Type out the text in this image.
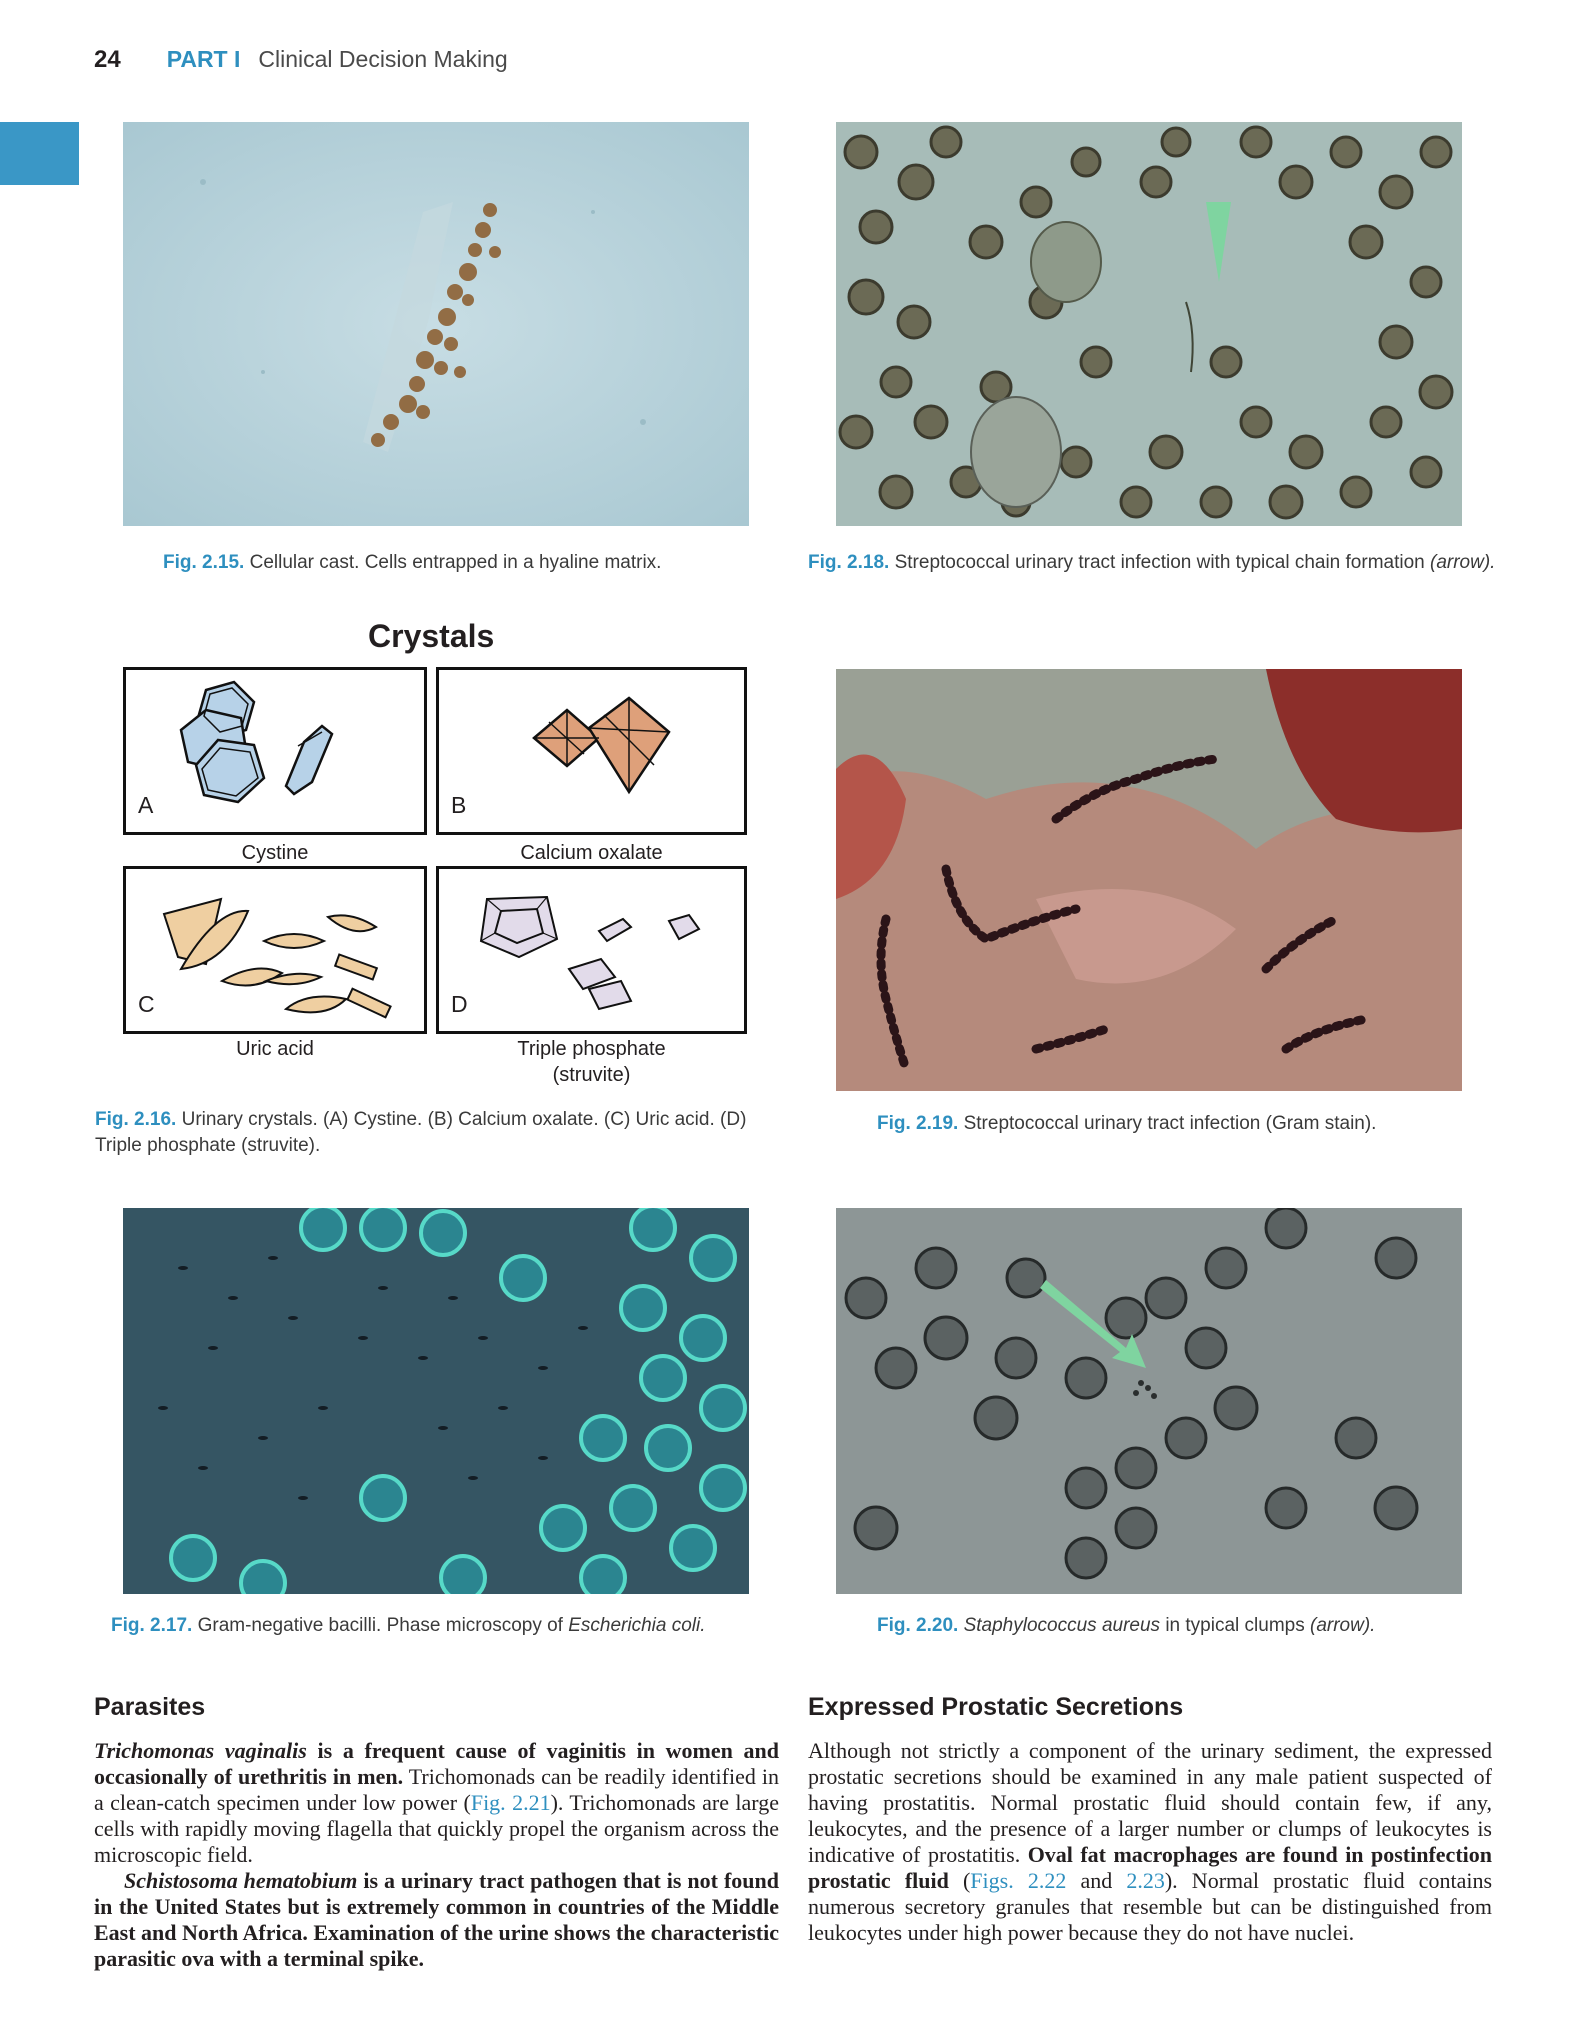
24 PART I Clinical Decision Making
Fig. 2.15. Cellular cast. Cells entrapped in a hyaline matrix.	Fig. 2.18. Streptococcal urinary tract infection with typical chain formation (arrow).
Crystals
A
Cystine
B
Calcium oxalate
C
Uric acid
D
Triple phosphate
(struvite)
Fig. 2.16. Urinary crystals. (A) Cystine. (B) Calcium oxalate. (C) Uric acid. (D) Triple phosphate (struvite).
Fig. 2.19. Streptococcal urinary tract infection (Gram stain).
Fig. 2.17. Gram-negative bacilli. Phase microscopy of Escherichia coli.	Fig. 2.20. Staphylococcus aureus in typical clumps (arrow).
Parasites

Trichomonas vaginalis is a frequent cause of vaginitis in women and occasionally of urethritis in men. Trichomonads can be readily identified in a clean-catch specimen under low power (Fig. 2.21). Trichomonads are large cells with rapidly moving flagella that quickly propel the organism across the microscopic field.

Schistosoma hematobium is a urinary tract pathogen that is not found in the United States but is extremely common in countries of the Middle East and North Africa. Examination of the urine shows the characteristic parasitic ova with a terminal spike.

Expressed Prostatic Secretions

Although not strictly a component of the urinary sediment, the expressed prostatic secretions should be examined in any male patient suspected of having prostatitis. Normal prostatic fluid should contain few, if any, leukocytes, and the presence of a larger number or clumps of leukocytes is indicative of prostatitis. Oval fat macrophages are found in postinfection prostatic fluid (Figs. 2.22 and 2.23). Normal prostatic fluid contains numerous secretory granules that resemble but can be distinguished from leukocytes under high power because they do not have nuclei.
